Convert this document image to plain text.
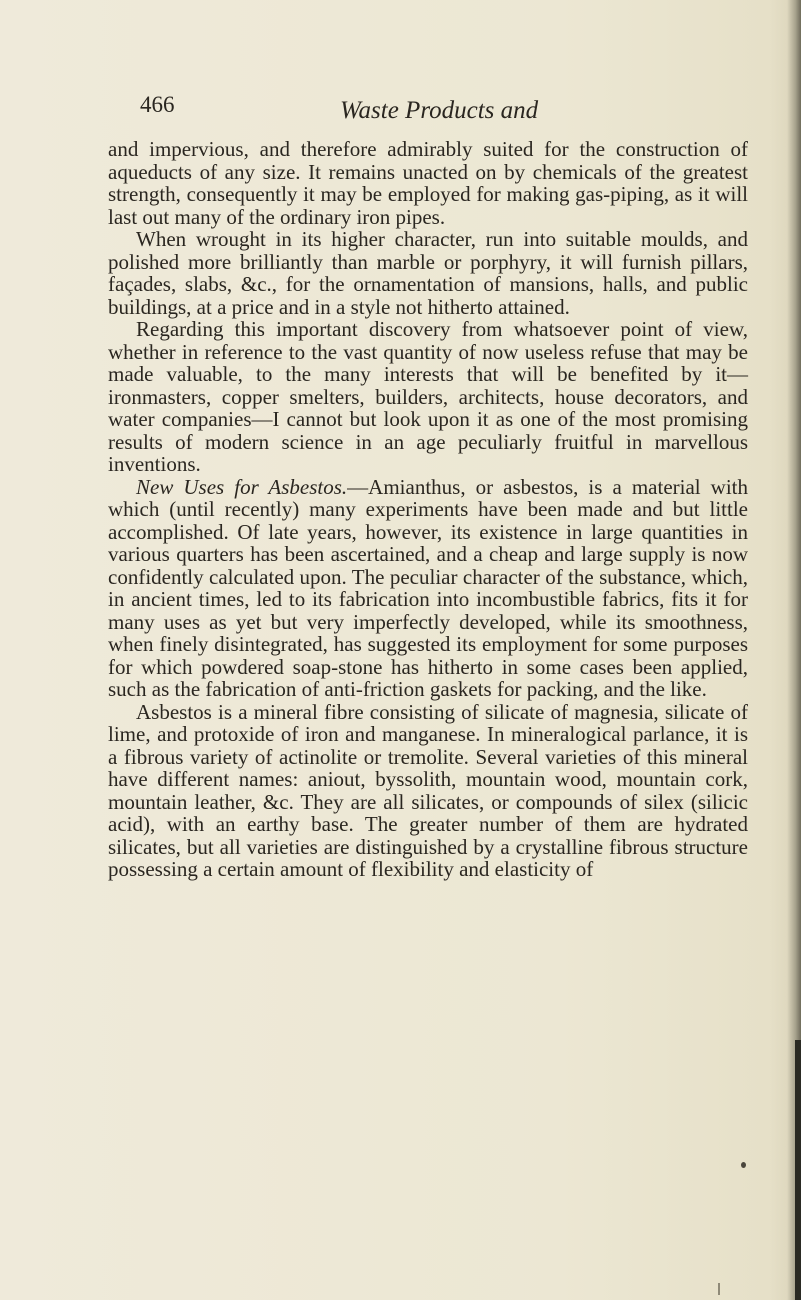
466	Waste Products and

and impervious, and therefore admirably suited for the construction of aqueducts of any size. It remains unacted on by chemicals of the greatest strength, consequently it may be employed for making gas-piping, as it will last out many of the ordinary iron pipes.

When wrought in its higher character, run into suitable moulds, and polished more brilliantly than marble or porphyry, it will furnish pillars, façades, slabs, &c., for the ornamentation of mansions, halls, and public buildings, at a price and in a style not hitherto attained.

Regarding this important discovery from whatsoever point of view, whether in reference to the vast quantity of now useless refuse that may be made valuable, to the many interests that will be benefited by it—ironmasters, copper smelters, builders, architects, house decorators, and water companies—I cannot but look upon it as one of the most promising results of modern science in an age peculiarly fruitful in marvellous inventions.

New Uses for Asbestos.—Amianthus, or asbestos, is a material with which (until recently) many experiments have been made and but little accomplished. Of late years, however, its existence in large quantities in various quarters has been ascertained, and a cheap and large supply is now confidently calculated upon. The peculiar character of the substance, which, in ancient times, led to its fabrication into incombustible fabrics, fits it for many uses as yet but very imperfectly developed, while its smoothness, when finely disintegrated, has suggested its employment for some purposes for which powdered soap-stone has hitherto in some cases been applied, such as the fabrication of anti-friction gaskets for packing, and the like.

Asbestos is a mineral fibre consisting of silicate of magnesia, silicate of lime, and protoxide of iron and manganese. In mineralogical parlance, it is a fibrous variety of actinolite or tremolite. Several varieties of this mineral have different names: aniout, byssolith, mountain wood, mountain cork, mountain leather, &c. They are all silicates, or compounds of silex (silicic acid), with an earthy base. The greater number of them are hydrated silicates, but all varieties are distinguished by a crystalline fibrous structure possessing a certain amount of flexibility and elasticity of
